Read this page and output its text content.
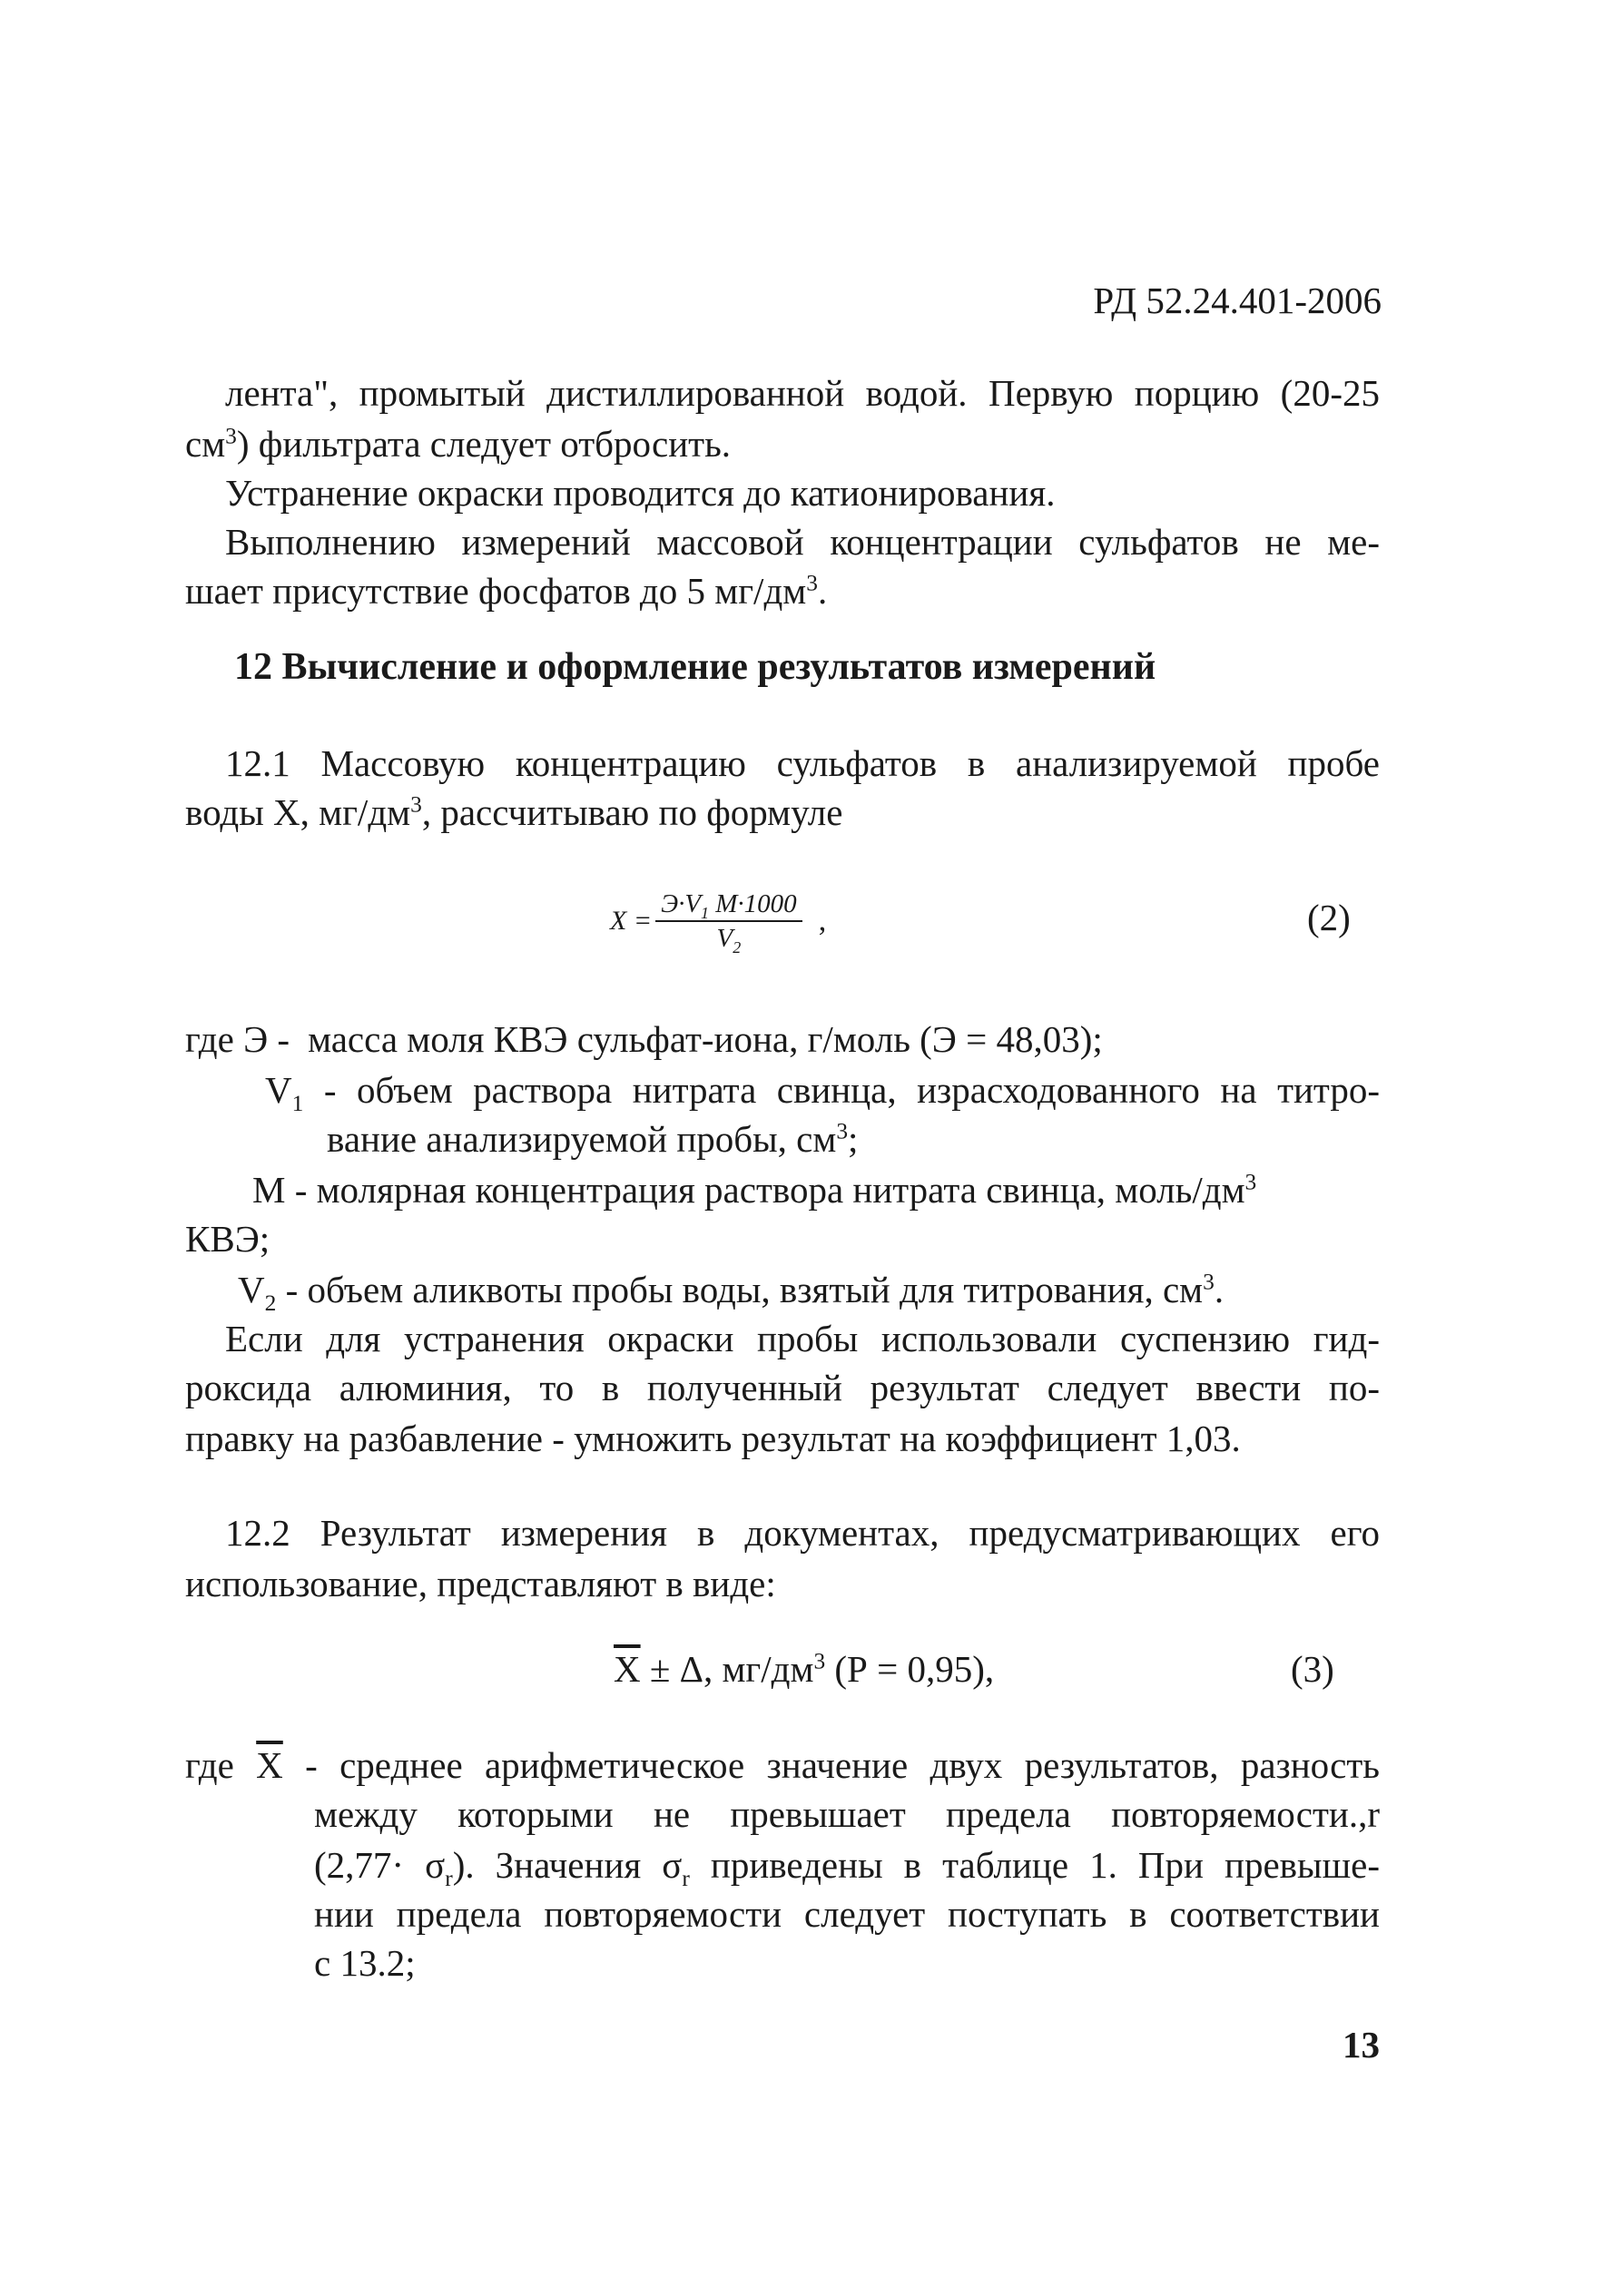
РД 52.24.401-2006
лента", промытый дистиллированной водой. Первую порцию (20-25
$см^3$) фильтрата следует отбросить.
Устранение окраски проводится до катионирования.
Выполнению измерений массовой концентрации сульфатов не ме-
шает присутствие фосфатов до 5 $мг/дм^3$.
12 Вычисление и оформление результатов измерений
12.1 Массовую концентрацию сульфатов в анализируемой пробе
воды Х, $мг/дм^3$, рассчитываю по формуле
$X = \frac{Э\cdot V_1 M\cdot 1000}{V_2}$ ,	(2)
где Э - масса моля КВЭ сульфат-иона, г/моль (Э = 48,03);
$V_1$ - объем раствора нитрата свинца, израсходованного на титро-
вание анализируемой пробы, $см^3$;
М - молярная концентрация раствора нитрата свинца, моль/$дм^3$
КВЭ;
$V_2$ - объем аликвоты пробы воды, взятый для титрования, $см^3$.
Если для устранения окраски пробы использовали суспензию гид-
роксида алюминия, то в полученный результат следует ввести по-
правку на разбавление - умножить результат на коэффициент 1,03.
12.2 Результат измерения в документах, предусматривающих его
использование, представляют в виде:
$\overline{X} \pm \Delta$, $мг/дм^3$ (Р = 0,95),	(3)
где $\overline{X}$ - среднее арифметическое значение двух результатов, разность
между которыми не превышает предела повторяемости.,r
$(2,77\cdot \sigma_r)$. Значения $\sigma_r$ приведены в таблице 1. При превыше-
нии предела повторяемости следует поступать в соответствии
с 13.2;
13
